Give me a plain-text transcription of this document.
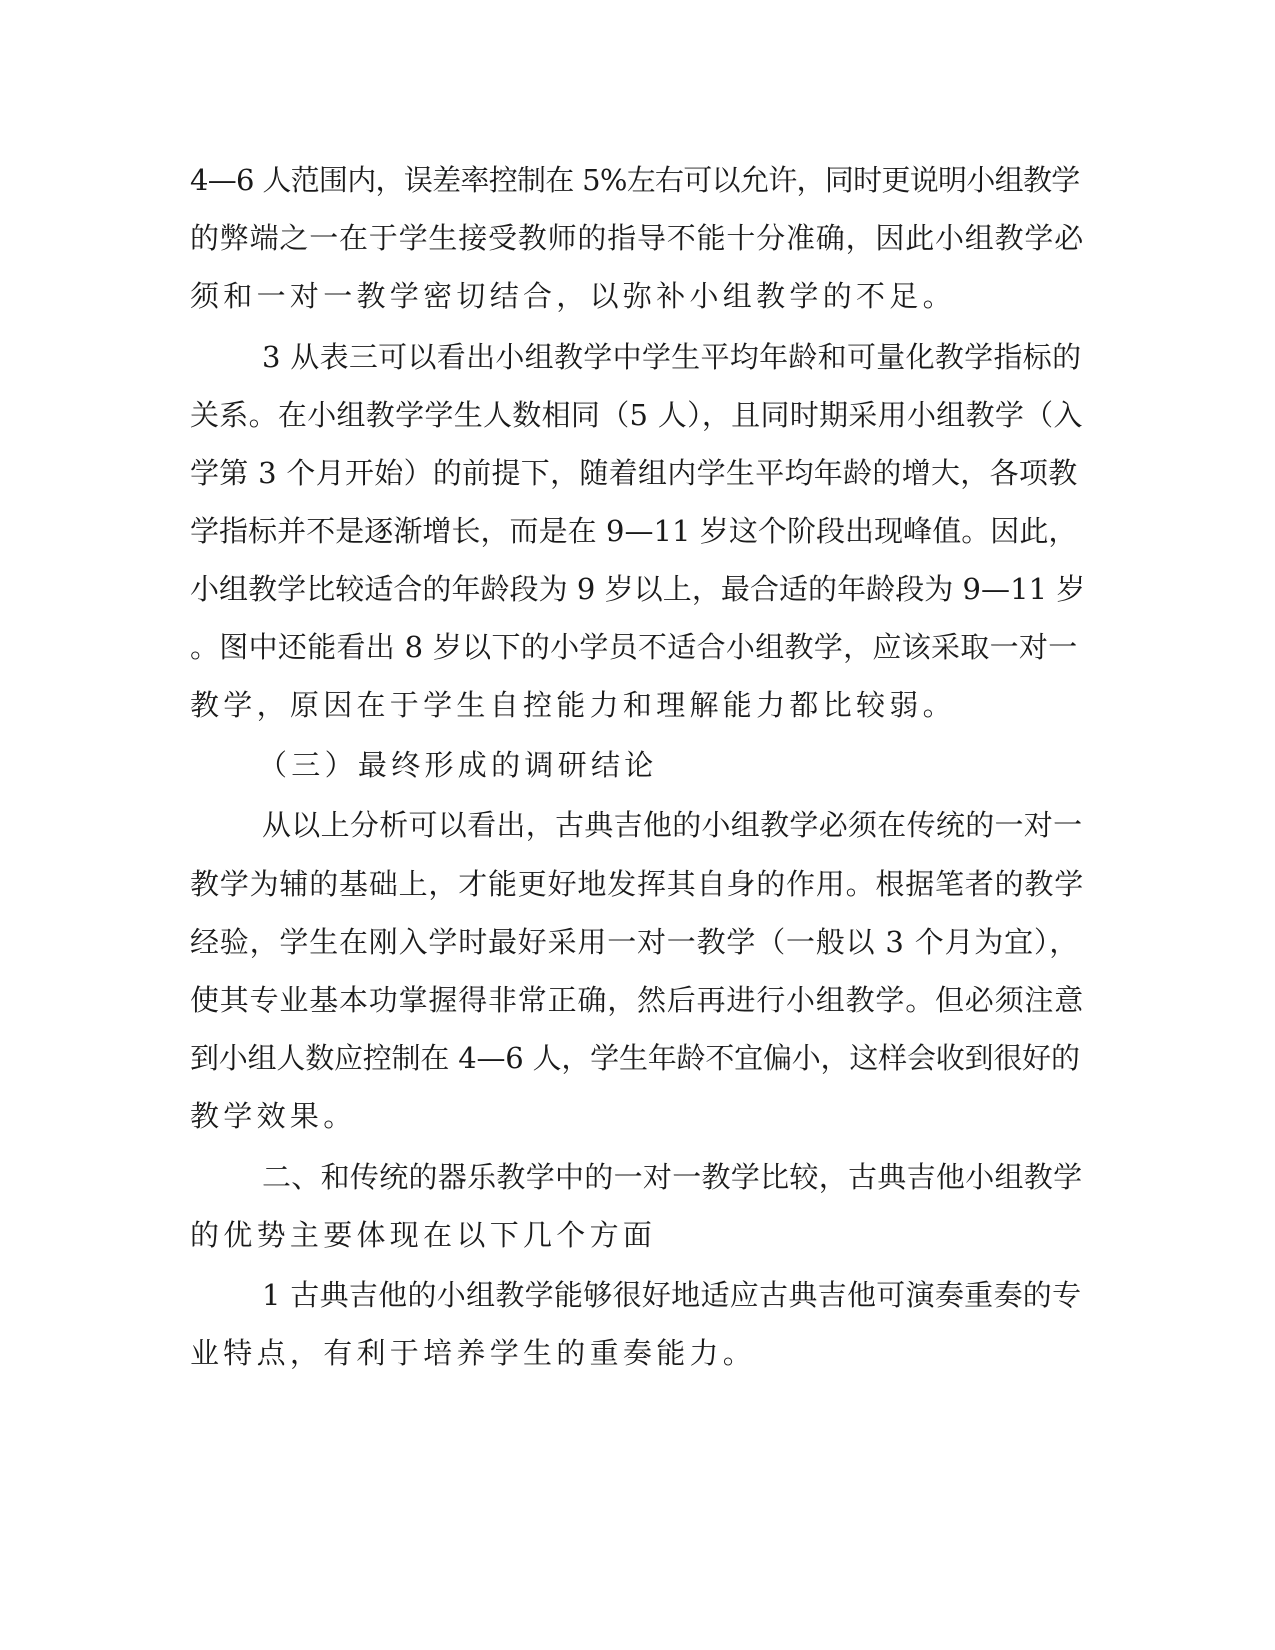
4—6 人范围内，误差率控制在 5%左右可以允许，同时更说明小组教学
的弊端之一在于学生接受教师的指导不能十分准确，因此小组教学必
须和一对一教学密切结合，以弥补小组教学的不足。
3 从表三可以看出小组教学中学生平均年龄和可量化教学指标的
关系。在小组教学学生人数相同（5 人），且同时期采用小组教学（入
学第 3 个月开始）的前提下，随着组内学生平均年龄的增大，各项教
学指标并不是逐渐增长，而是在 9—11 岁这个阶段出现峰值。因此，
小组教学比较适合的年龄段为 9 岁以上，最合适的年龄段为 9—11 岁
。图中还能看出 8 岁以下的小学员不适合小组教学，应该采取一对一
教学，原因在于学生自控能力和理解能力都比较弱。
（三）最终形成的调研结论
从以上分析可以看出，古典吉他的小组教学必须在传统的一对一
教学为辅的基础上，才能更好地发挥其自身的作用。根据笔者的教学
经验，学生在刚入学时最好采用一对一教学（一般以 3 个月为宜），
使其专业基本功掌握得非常正确，然后再进行小组教学。但必须注意
到小组人数应控制在 4—6 人，学生年龄不宜偏小，这样会收到很好的
教学效果。
二、和传统的器乐教学中的一对一教学比较，古典吉他小组教学
的优势主要体现在以下几个方面
1 古典吉他的小组教学能够很好地适应古典吉他可演奏重奏的专
业特点，有利于培养学生的重奏能力。
